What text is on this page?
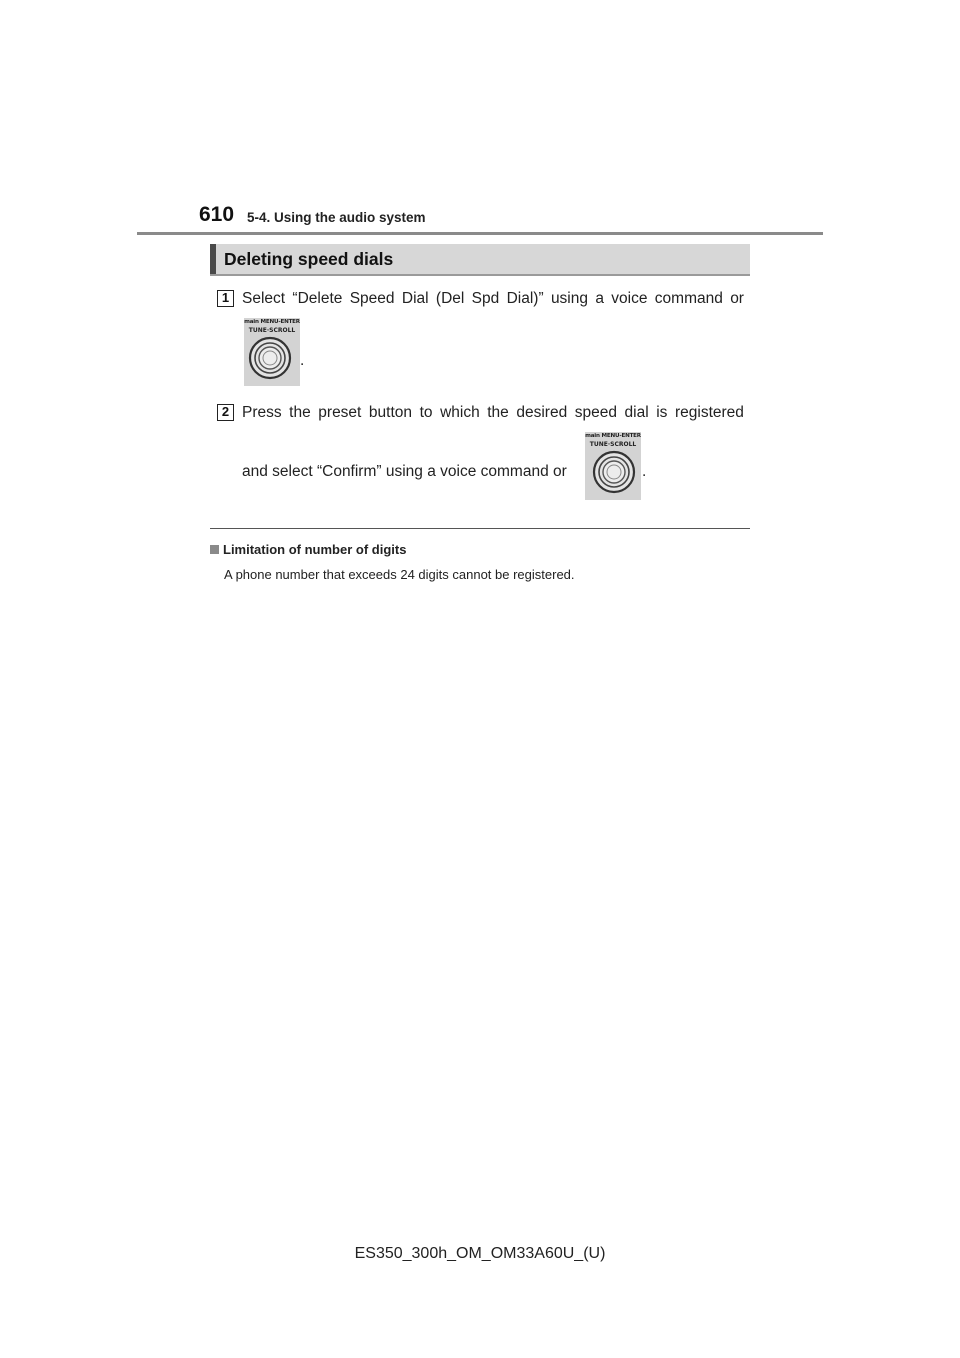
610 5-4. Using the audio system
Deleting speed dials
1 Select “Delete Speed Dial (Del Spd Dial)” using a voice command or
main MENU-ENTER
TUNE·SCROLL
.
2 Press the preset button to which the desired speed dial is registered
and select “Confirm” using a voice command or
main MENU-ENTER
TUNE·SCROLL
.
Limitation of number of digits
A phone number that exceeds 24 digits cannot be registered.
ES350_300h_OM_OM33A60U_(U)
